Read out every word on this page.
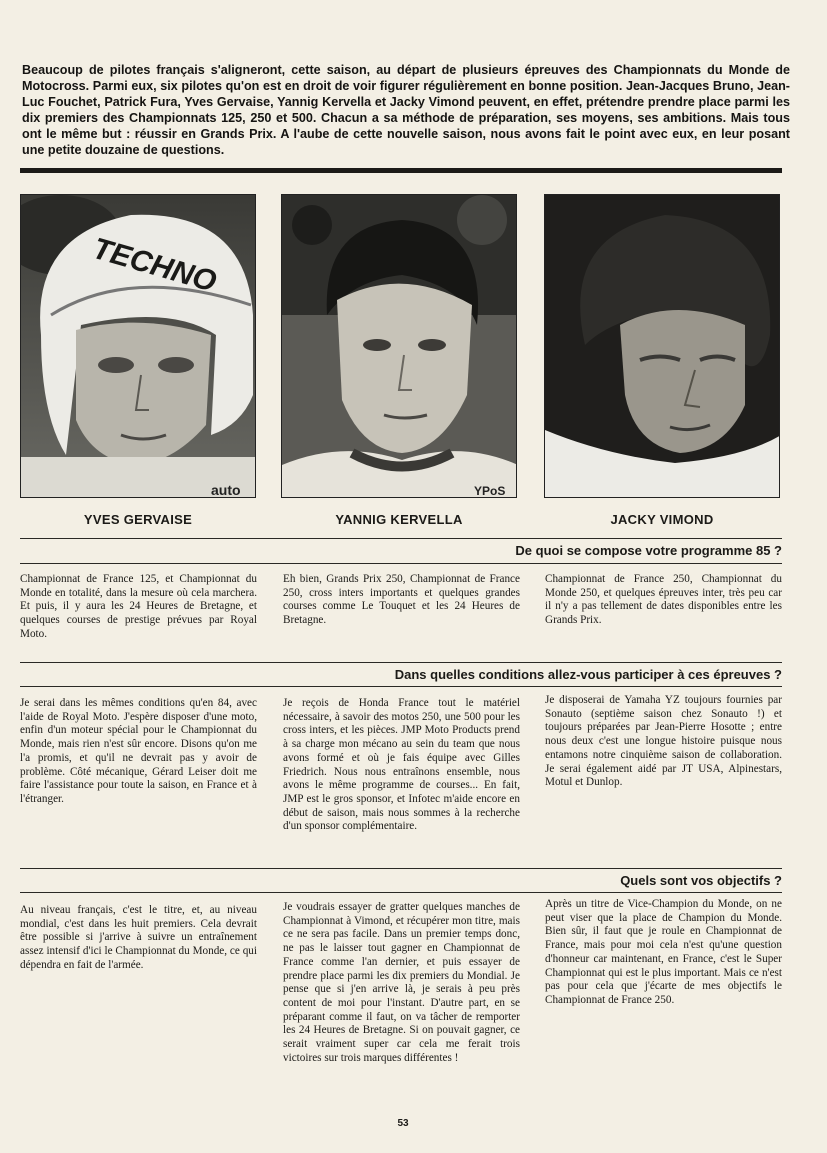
Beaucoup de pilotes français s'aligneront, cette saison, au départ de plusieurs épreuves des Championnats du Monde de Motocross. Parmi eux, six pilotes qu'on est en droit de voir figurer régulièrement en bonne position. Jean-Jacques Bruno, Jean-Luc Fouchet, Patrick Fura, Yves Gervaise, Yannig Kervella et Jacky Vimond peuvent, en effet, prétendre prendre place parmi les dix premiers des Championnats 125, 250 et 500. Chacun a sa méthode de préparation, ses moyens, ses ambitions. Mais tous ont le même but : réussir en Grands Prix. A l'aube de cette nouvelle saison, nous avons fait le point avec eux, en leur posant une petite douzaine de questions.
TECHNO
auto	YPoS
YVES GERVAISE	YANNIG KERVELLA	JACKY VIMOND
De quoi se compose votre programme 85 ?
Championnat de France 125, et Championnat du Monde en totalité, dans la mesure où cela marchera. Et puis, il y aura les 24 Heures de Bretagne, et quelques courses de prestige prévues par Royal Moto.
Eh bien, Grands Prix 250, Championnat de France 250, cross inters importants et quelques grandes courses comme Le Touquet et les 24 Heures de Bretagne.
Championnat de France 250, Championnat du Monde 250, et quelques épreuves inter, très peu car il n'y a pas tellement de dates disponibles entre les Grands Prix.
Dans quelles conditions allez-vous participer à ces épreuves ?
Je serai dans les mêmes conditions qu'en 84, avec l'aide de Royal Moto. J'espère disposer d'une moto, enfin d'un moteur spécial pour le Championnat du Monde, mais rien n'est sûr encore. Disons qu'on me l'a promis, et qu'il ne devrait pas y avoir de problème. Côté mécanique, Gérard Leiser doit me faire l'assistance pour toute la saison, en France et à l'étranger.
Je reçois de Honda France tout le matériel nécessaire, à savoir des motos 250, une 500 pour les cross inters, et les pièces. JMP Moto Products prend à sa charge mon mécano au sein du team que nous avons formé et où je fais équipe avec Gilles Friedrich. Nous nous entraînons ensemble, nous avons le même programme de courses... En fait, JMP est le gros sponsor, et Infotec m'aide encore en début de saison, mais nous sommes à la recherche d'un sponsor complémentaire.
Je disposerai de Yamaha YZ toujours fournies par Sonauto (septième saison chez Sonauto !) et toujours préparées par Jean-Pierre Hosotte ; entre nous deux c'est une longue histoire puisque nous entamons notre cinquième saison de collaboration. Je serai également aidé par JT USA, Alpinestars, Motul et Dunlop.
Quels sont vos objectifs ?
Au niveau français, c'est le titre, et, au niveau mondial, c'est dans les huit premiers. Cela devrait être possible si j'arrive à suivre un entraînement assez intensif d'ici le Championnat du Monde, ce qui dépendra en fait de l'armée.
Je voudrais essayer de gratter quelques manches de Championnat à Vimond, et récupérer mon titre, mais ce ne sera pas facile. Dans un premier temps donc, ne pas le laisser tout gagner en Championnat de France comme l'an dernier, et puis essayer de prendre place parmi les dix premiers du Mondial. Je pense que si j'en arrive là, je serais à peu près content de moi pour l'instant. D'autre part, en se préparant comme il faut, on va tâcher de remporter les 24 Heures de Bretagne. Si on pouvait gagner, ce serait vraiment super car cela me ferait trois victoires sur trois marques différentes !
Après un titre de Vice-Champion du Monde, on ne peut viser que la place de Champion du Monde. Bien sûr, il faut que je roule en Championnat de France, mais pour moi cela n'est qu'une question d'honneur car maintenant, en France, c'est le Super Championnat qui est le plus important. Mais ce n'est pas pour cela que j'écarte de mes objectifs le Championnat de France 250.
53
